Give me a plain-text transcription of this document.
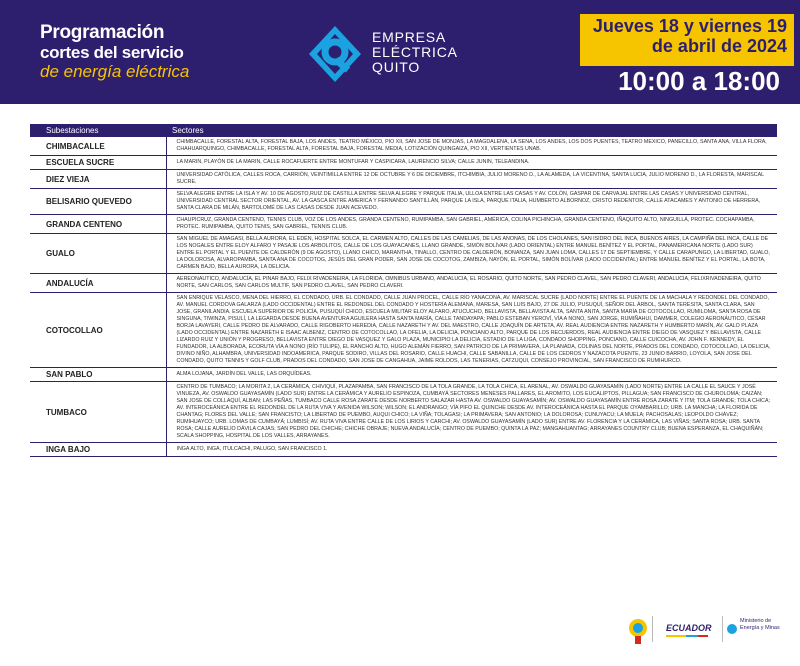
Programación
cortes del servicio
de energía eléctrica
EMPRESA
ELÉCTRICA
QUITO
Jueves 18 y viernes 19
de abril de 2024
10:00 a 18:00
Subestaciones	Sectores
CHIMBACALLE	CHIMBACALLE, FORESTAL ALTA, FORESTAL BAJA, LOS ANDES, TEATRO MÉXICO, PIO XII, SAN JOSE DE MONJAS, LA MAGDALENA, LA SENA, LOS ANDES, LOS DOS PUENTES, TEATRO MEXICO, PANECILLO, SANTA ANA, VILLA FLORA, CHAHUARQUINGO, CHIMBACALLE, FORESTAL ALTA, FORESTAL BAJA, FORESTAL MEDIA, LOTIZACIÓN QUINGAIZA, PIO XII, VERTIENTES UNAB.
ESCUELA SUCRE	LA MARIN, PLAYÓN DE LA MARIN, CALLE ROCAFUERTE ENTRE MONTUFAR Y CASPICARA, LAURENCIO SILVA; CALLE JUNIN, TELEANDINA.
DIEZ VIEJA	UNIVERSIDAD CATÓLICA, CALLES ROCA, CARRIÓN, VEINTIMILLA ENTRE 12 DE OCTUBRE Y 6 DE DICIEMBRE, ITCHIMBIA, JULIO MORENO D., LA ALAMEDA, LA VICENTINA, SANTA LUCIA, JULIO MORENO D., LA FLORESTA, MARISCAL SUCRE.
BELISARIO QUEVEDO	SELVA ALEGRE ENTRE LA ISLA Y AV. 10 DE AGOSTO,RUIZ DE CASTILLA ENTRE SELVA ALEGRE Y PARQUE ITALIA, ULLOA ENTRE LAS CASAS Y AV. COLÓN, GASPAR DE CARVAJAL ENTRE LAS CASAS Y UNIVERSIDAD CENTRAL, UNIVERSIDAD CENTRAL SECTOR ORIENTAL, AV. LA GASCA ENTRE AMERICA Y FERNANDO SANTILLÁN, PARQUE LA ISLA, PARQUE ITALIA, HUMBERTO ALBORNOZ, CRISTO REDENTOR, CALLE ATACAMES Y ANTONIO DE HERRERA, SANTA CLARA DE MILÁN, BARTOLOMÉ DE LAS CASAS DESDE JUAN ACEVEDO.
GRANDA CENTENO	CHAUPICRUZ, GRANDA CENTENO, TENNIS CLUB, VOZ DE LOS ANDES, GRANDA CENTENO, RUMIPAMBA, SAN GABRIEL, AMÉRICA, COLINA PICHINCHA, GRANDA CENTENO, IÑAQUITO ALTO, NINGUILLÁ, PROTEC. COCHAPAMBA, PROTEC. RUMIPAMBA, QUITO TENIS, SAN GABRIEL, TENNIS CLUB.
GUALO	SAN MIGUEL DE AMAGASI, BELLA AURORA, EL EDÉN, HOSPITAL SOLCA, EL CARMEN ALTO, CALLES DE LAS CAMELIAS, DE LAS ANONAS, DE LOS CHOLANES, SAN ISIDRO DEL INCA, BUENOS AIRES, LA CAMPIÑA DEL INCA, CALLE DE LOS NOGALES ENTRE ELOY ALFARO Y PASAJE LOS ARBOLITOS, CALLE DE LOS GUAYACANES, LLANO GRANDE, SIMÓN BOLÍVAR (LADO ORIENTAL) ENTRE MANUEL BENÍTEZ Y EL PORTAL, PANAMERICANA NORTE (LADO SUR) ENTRE EL PORTAL Y EL PUENTE DE CALDERÓN (9 DE AGOSTO), LLANO CHICO, MARANTHA, TINALLO, CENTRO DE CALDERÓN, BONANZA, SAN JUAN LOMA, CALLES 17 DE SEPTIEMBRE, Y CALLE CARAPUNGO, LA LIBERTAD, GUALO, LA DOLOROSA, ALVAROPAMBA, SANTA ANA DE COCOTOG, JESÚS DEL GRAN PODER, SAN JOSE DE COCOTOG, ZAMBIZA, NAYÓN, EL PORTAL, SIMÓN BOLÍVAR (LADO OCCIDENTAL) ENTRE MANUEL BENÍTEZ Y EL PORTAL, LA BOTA, CARMEN BAJO, BELLA AURORA, LA DELICIA.
ANDALUCÍA	AEREONAUTICO, ANDALUCÍA, EL PINAR BAJO, FELIX RIVADENEIRA, LA FLORIDA, OMNIBUS URBANO, ANDALUCIA, EL ROSARIO, QUITO NORTE, SAN PEDRO CLAVEL, SAN PEDRO CLAVERI, ANDALUCIA, FELIXRIVADENEIRA, QUITO NORTE, SAN CARLOS, SAN CARLOS MULTIF, SAN PEDRO CLAVEL, SAN PEDRO CLAVERI.
COTOCOLLAO	SAN ENRIQUE VELASCO, MENA DEL HIERRO, EL CONDADO, URB. EL CONDADO, CALLE JUAN PROCEL, CALLE RÍO YANACONA, AV. MARISCAL SUCRE (LADO NORTE) ENTRE EL PUENTE DE LA MACHALA Y REDONDEL DEL CONDADO, AV. MANUEL CORDOVA GALARZA (LADO OCCIDENTAL) ENTRE EL REDONDEL DEL CONDADO Y HOSTERÍA ALEMANA, MARESA, SAN LUIS BAJO, 27 DE JULIO, PUSUQUÍ, SEÑOR DEL ÁRBOL, SANTA TERESITA, SANTA CLARA, SAN JOSE, GRANILANDIA, ESCUELA SUPERIOR DE POLICÍA, PUSUQUÍ CHICO, ESCUELA MILITAR ELOY ALFARO, ATUCUCHO, BELLAVISTA, BELLAVISTA ALTA, SANTA ANITA, SANTA MARÍA DE COTOCOLLAO, RUMILOMA, SANTA ROSA DE SINGUNA, TIWINZA, PISULÍ, LA LEGARDA DESDE BUENA AVENTURA AGUILERA HASTA SANTA MARÍA, CALLE TANDAYAPA; PABLO ESTEBAN YEROVÍ, VÍA A NONO, SAN JORGE, RUMIÑAHUI, DAMMER, COLEGIO AERONÁUTICO, CÉSAR BORJA LAVAYERI, CALLE PEDRO DE ALVARADO, CALLE RIGOBERTO HEREDIA, CALLE NAZARETH Y AV. DEL MAESTRO, CALLE JOAQUÍN DE ARTETA, AV. REAL AUDIENCIA ENTRE NAZARETH Y HUMBERTO MARÍN, AV. GALO PLAZA (LADO OCCIDENTAL) ENTRE NAZARETH E ISAAC ALBENIZ, CENTRO DE COTOCOLLAO, LA OFELIA, LA DELICIA, PONCIANO ALTO, PARQUE DE LOS RECUERDOS, REAL AUDIENCIA ENTRE DIEGO DE VASQUEZ Y BELLAVISTA, CALLE LIZARDO RUIZ Y UNIÓN Y PROGRESO, BELLAVISTA ENTRE DIEGO DE VASQUEZ Y GALO PLAZA, MUNICIPIO LA DELICIA, ESTADIO DE LA LIGA, CONDADO SHOPPING, PONCIANO, CALLE CUICOCHA, AV. JOHN F. KENNEDY, EL FUNDADOR, LA ALBORADA, ECORUTA VÍA A NONO (RÍO TULIPE), EL RANCHO ALTO, HUGO ALEMÁN FIERRO, SAN PATRICIO DE LA PRIMAVERA, LA PLANADA, COLINAS DEL NORTE, PRADOS DEL CONDADO, COTOCOLLAO, LA DELICIA, DIVINO NIÑO, ALHAMBRA, UNIVERSIDAD INDOAMERICA, PARQUE SODIRO, VILLAS DEL ROSARIO, CALLE HUACHI, CALLE SABANILLA, CALLE DE LOS CEDROS Y NAZACOTA PUENTE, 23 JUNIO BARRIO, LOYOLA, SAN JOSE DEL CONDADO, QUITO TENNIS Y GOLF CLUB, PRADOS DEL CONDADO, SAN JOSE DE CANGAHUA, JAIME ROLDOS, LAS TENERIAS, CATZUQUI, CONSEJO PROVINCIAL, SAN FRANCISCO DE RUMIHURCO.
SAN PABLO	ALMA LOJANA, JARDÍN DEL VALLE, LAS ORQUÍDEAS.
TUMBACO	CENTRO DE TUMBACO; LA MORITA 2, LA CERÁMICA, CHIVIQUÍ, PLAZAPAMBA, SAN FRANCISCO DE LA TOLA GRANDE, LA TOLA CHICA, EL ARENAL, AV. OSWALDO GUAYASAMÍN (LADO NORTE) ENTRE LA CALLE EL SAUCE Y JOSÉ VINUEZA, AV. OSWALDO GUAYASAMÍN (LADO SUR) ENTRE LA CERÁMICA Y AURELIO ESPINOZA, CUMBAYÁ SECTORES MENESES PALLARES, EL AROMITO, LOS EUCALIPTOS, PILLAGUA; SAN FRANCISCO DE CHUROLOMA; CAIZÁN; SAN JOSE DE COLLAQUÍ, ALBAN; LAS PEÑAS, TUMBACO CALLE ROSA ZARATE DESDE NORBERTO SALAZAR HASTA AV. OSWALDO GUAYASAMÍN; AV. OSWALDO GUAYASAMÍN ENTRE ROSA ZARATE Y ITM; TOLA GRANDE; TOLA CHICA; AV. INTEROCEÁNICA ENTRE EL REDONDEL DE LA RUTA VIVA Y AVENIDA WILSON; WILSON; EL ANDRANGO; VÍA PIFO EL QUINCHE DESDE AV. INTEROCEÁNICA HASTA EL PARQUE OYAMBARILLO; URB. LA MANCHA; LA FLORIDA DE CHANTAG; FLORES DEL VALLE; SAN FRANCISTO; LA LIBERTAD DE PUEMBO, AUQUI CHICO; LA VIÑA; TOLAGASI; LA PRIMAVERA; SAN ANTONIO; LA DOLOROSA; CUNUYACU; LA MUELA; PACHOSALAS; LEOPOLDO CHÁVEZ; RUMIHUAYCO; URB. LOMAS DE CUMBAYÁ; LUMBISÍ; AV. RUTA VIVA ENTRE CALLE DE LOS LIRIOS Y CARCHI; AV. OSWALDO GUAYASAMÍN (LADO SUR) ENTRE AV. FLORENCIA Y LA CERÁMICA, LAS VIÑAS; SANTA ROSA; URB. SANTA ROSA; CALLE AURELIO DÁVILA CAJAS; SAN PEDRO DEL CHICHE; CHICHE OBRAJE; NUEVA ANDALUCÍA; CENTRO DE PUEMBO; QUINTA LA PAZ; MANGAHUANTAG; ARRAYANES COUNTRY CLUB; BUENA ESPERANZA, EL CHAQUIÑÁN; SCALA SHOPPING, HOSPITAL DE LOS VALLES, ARRAYANES.
INGA BAJO	INGA ALTO, INGA, ITULCACHI, PALUGO, SAN FRANCISCO 1.
ECUADOR
Ministerio de
Energía y Minas
